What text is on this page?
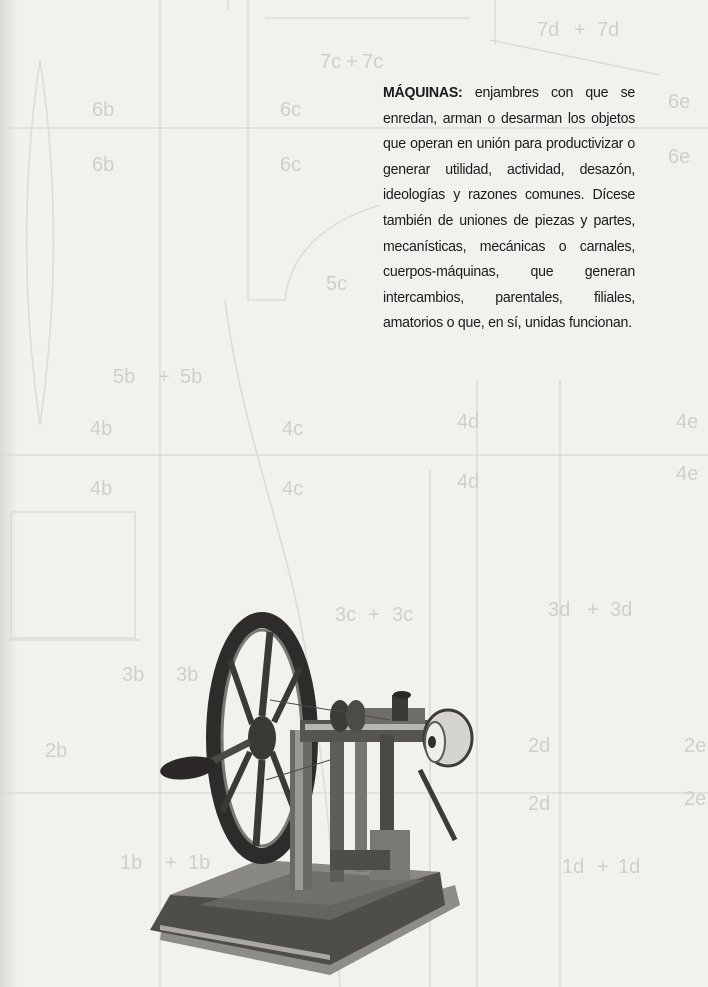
7c + 7c
7d + 7d
6b
6b
6c
6c
6e
6e
5c
5b + 5b
4b
4b
4c
4c
4d
4d
4e
4e
3c + 3c	3d + 3d
3b 3b
2b	2d
2d
2e
2e
1b + 1b	1d + 1d
MÁQUINAS: enjambres con que se enredan, arman o desarman los objetos que operan en unión para productivizar o generar utilidad, actividad, desazón, ideologías y razones comunes. Dícese también de uniones de piezas y partes, mecanísticas, mecánicas o carnales, cuerpos-máquinas, que generan intercambios, parentales, filiales, amatorios o que, en sí, unidas funcionan.
